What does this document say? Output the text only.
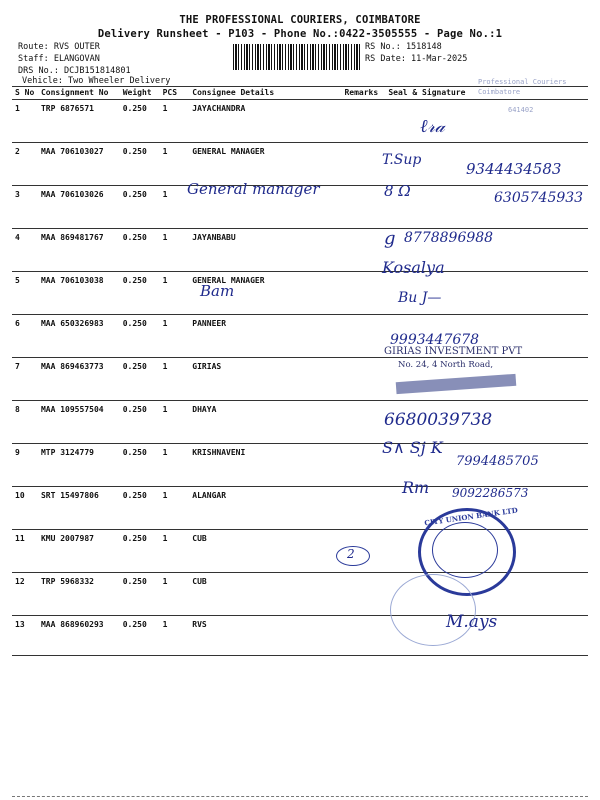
THE PROFESSIONAL COURIERS, COIMBATORE
Delivery Runsheet - P103 - Phone No.:0422-3505555 - Page No.:1
Route: RVS OUTER
Staff: ELANGOVAN
DRS No.: DCJB151814801
Vehicle: Two Wheeler Delivery
RS No.: 1518148
RS Date: 11-Mar-2025
S No	Consignment No	Weight	PCS	Consignee Details	Remarks	Seal & Signature
1	TRP 6876571	0.250	1	JAYACHANDRA		
2	MAA 706103027	0.250	1	GENERAL MANAGER		
3	MAA 706103026	0.250	1			
4	MAA 869481767	0.250	1	JAYANBABU		
5	MAA 706103038	0.250	1	GENERAL MANAGER		
6	MAA 650326983	0.250	1	PANNEER		
7	MAA 869463773	0.250	1	GIRIAS		
8	MAA 109557504	0.250	1	DHAYA		
9	MTP 3124779	0.250	1	KRISHNAVENI		
10	SRT 15497806	0.250	1	ALANGAR		
11	KMU 2007987	0.250	1	CUB		
12	TRP 5968332	0.250	1	CUB		
13	MAA 868960293	0.250	1	RVS		
Professional Couriers
Coimbatore
641402
ℓ𝓇𝒶
T.Sup	9344434583
General manager	8 Ω	6305745933
8778896988
g
Kosalya
Bam	Bu J—
9993447678
GIRIAS INVESTMENT PVT
No. 24, 4 North Road,
6680039738
S∧ Sj K
7994485705
Rm 9092286573
2
CITY UNION BANK LTD
M.ays
